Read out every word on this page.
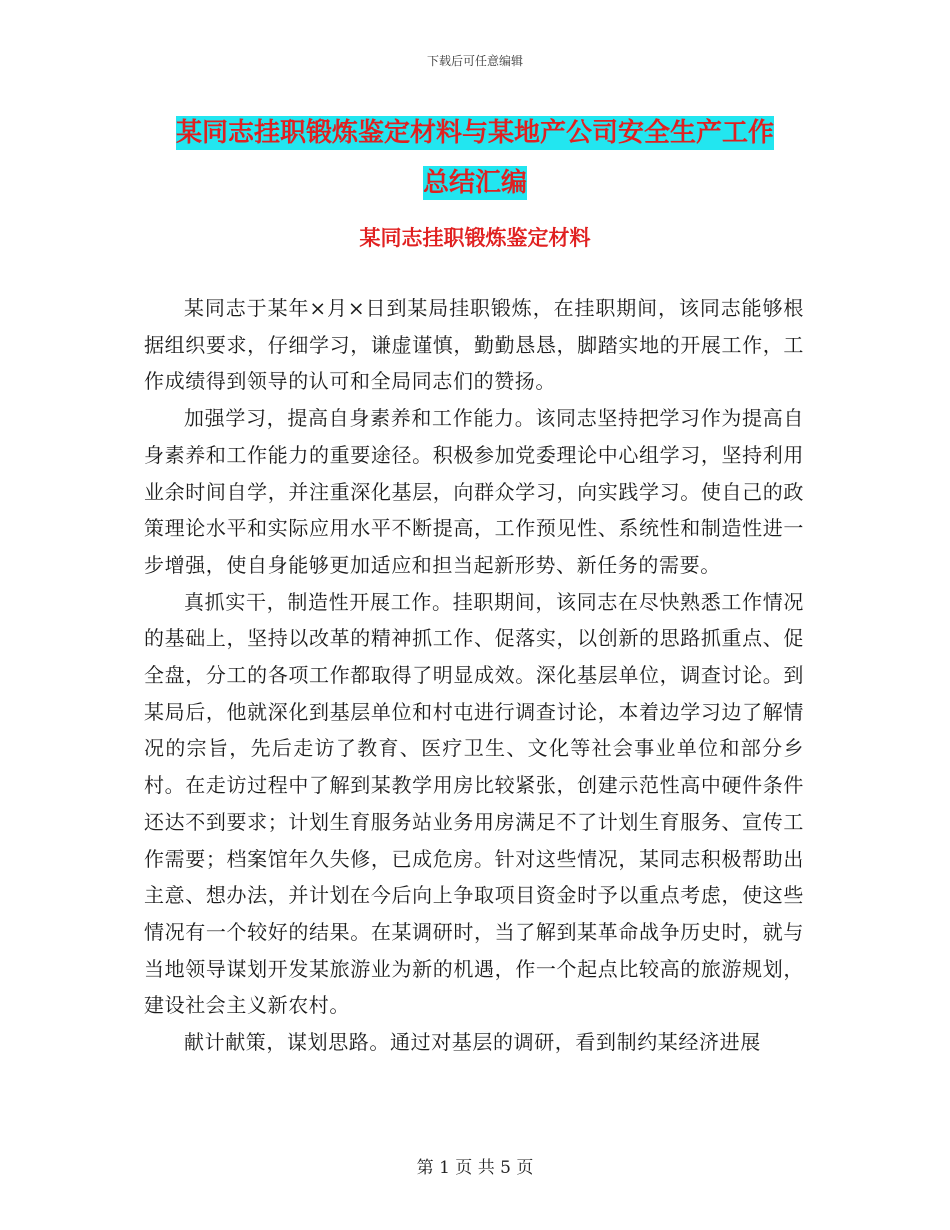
下载后可任意编辑
某同志挂职锻炼鉴定材料与某地产公司安全生产工作
总结汇编
某同志挂职锻炼鉴定材料

某同志于某年×月×日到某局挂职锻炼，在挂职期间，该同志能够根据组织要求，仔细学习，谦虚谨慎，勤勤恳恳，脚踏实地的开展工作，工作成绩得到领导的认可和全局同志们的赞扬。

加强学习，提高自身素养和工作能力。该同志坚持把学习作为提高自身素养和工作能力的重要途径。积极参加党委理论中心组学习，坚持利用业余时间自学，并注重深化基层，向群众学习，向实践学习。使自己的政策理论水平和实际应用水平不断提高，工作预见性、系统性和制造性进一步增强，使自身能够更加适应和担当起新形势、新任务的需要。

真抓实干，制造性开展工作。挂职期间，该同志在尽快熟悉工作情况的基础上，坚持以改革的精神抓工作、促落实，以创新的思路抓重点、促全盘，分工的各项工作都取得了明显成效。深化基层单位，调查讨论。到某局后，他就深化到基层单位和村屯进行调查讨论，本着边学习边了解情况的宗旨，先后走访了教育、医疗卫生、文化等社会事业单位和部分乡村。在走访过程中了解到某教学用房比较紧张，创建示范性高中硬件条件还达不到要求；计划生育服务站业务用房满足不了计划生育服务、宣传工作需要；档案馆年久失修，已成危房。针对这些情况，某同志积极帮助出主意、想办法，并计划在今后向上争取项目资金时予以重点考虑，使这些情况有一个较好的结果。在某调研时，当了解到某革命战争历史时，就与当地领导谋划开发某旅游业为新的机遇，作一个起点比较高的旅游规划，建设社会主义新农村。

献计献策，谋划思路。通过对基层的调研，看到制约某经济进展

第 1 页 共 5 页
